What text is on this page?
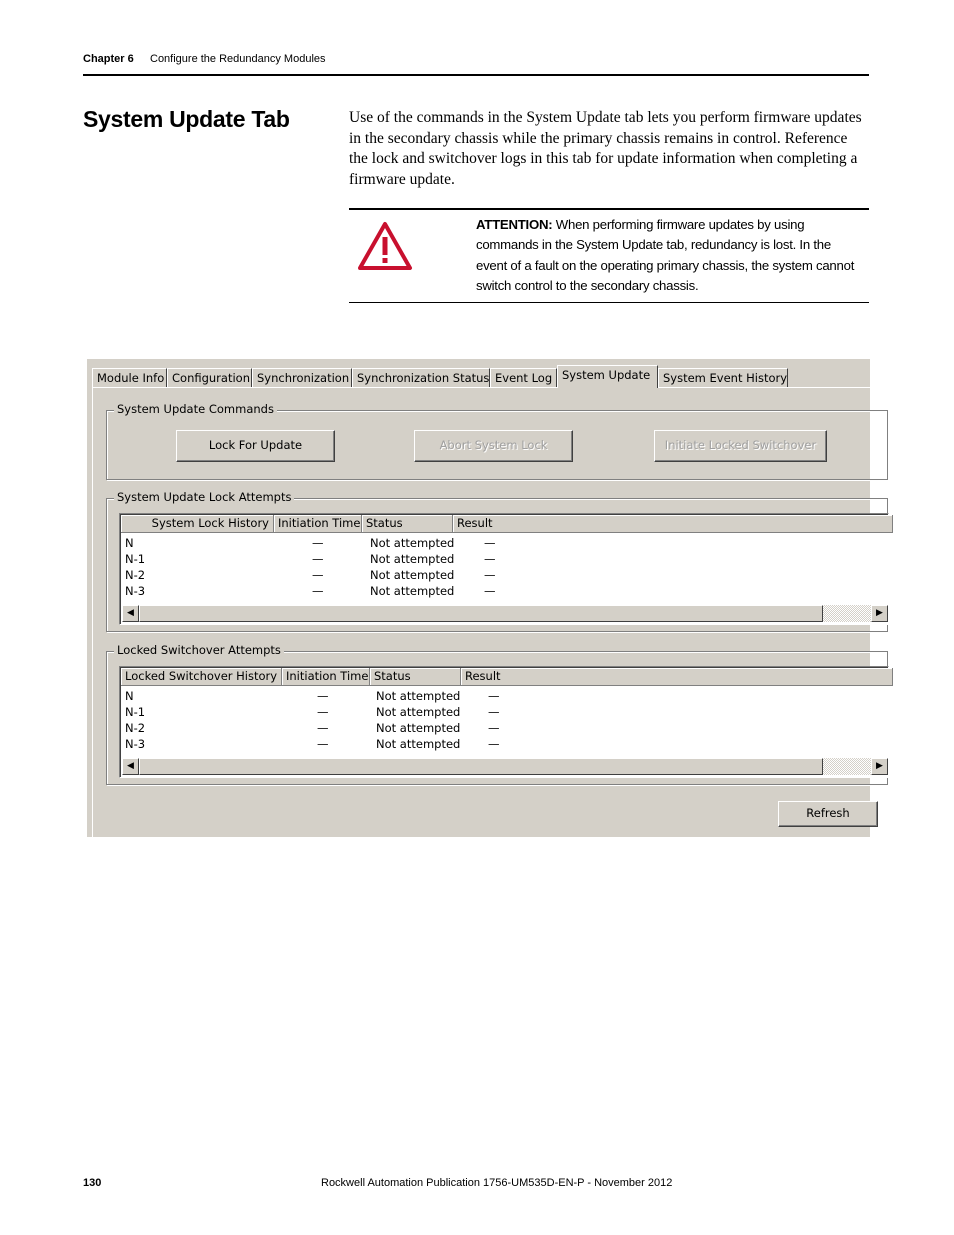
Chapter 6 Configure the Redundancy Modules
System Update Tab	Use of the commands in the System Update tab lets you perform firmware updates in the secondary chassis while the primary chassis remains in control. Reference the lock and switchover logs in this tab for update information when completing a firmware update.
ATTENTION: When performing firmware updates by using commands in the System Update tab, redundancy is lost. In the event of a fault on the operating primary chassis, the system cannot switch control to the secondary chassis.
Module Info Configuration Synchronization Synchronization Status Event Log System Update	System Event History
System Update Commands
Lock For Update	Abort System Lock	Initiate Locked Switchover
System Update Lock Attempts
System Lock History Initiation Time Status	Result
N	—	Not attempted	—
N-1	—	Not attempted	—
N-2	—	Not attempted	—
N-3	—	Not attempted	—
◀	▶
Locked Switchover Attempts
Locked Switchover History Initiation Time Status	Result
N	—	Not attempted —
N-1	—	Not attempted —
N-2	—	Not attempted —
N-3	—	Not attempted —
◀	▶
Refresh
130	Rockwell Automation Publication 1756-UM535D-EN-P - November 2012
